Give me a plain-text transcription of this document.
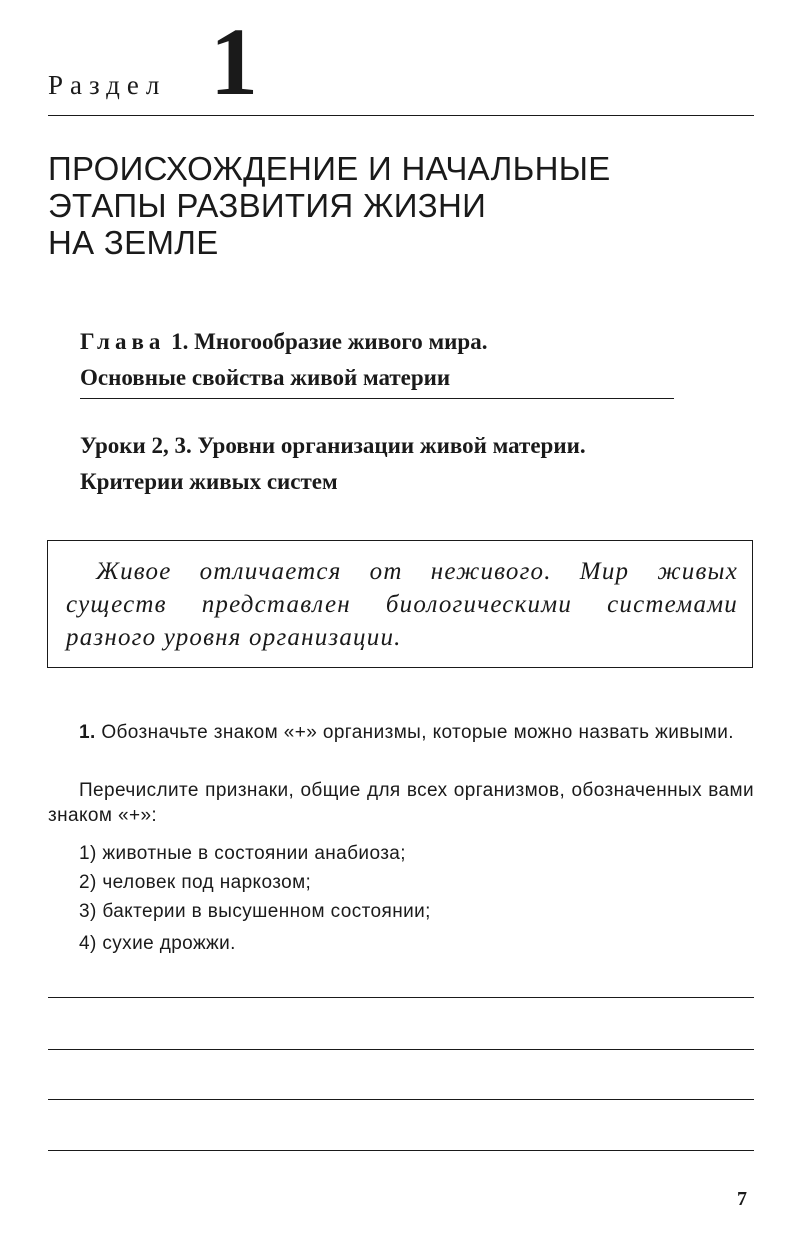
Раздел 1
ПРОИСХОЖДЕНИЕ И НАЧАЛЬНЫЕ
ЭТАПЫ РАЗВИТИЯ ЖИЗНИ
НА ЗЕМЛЕ
Глава 1. Многообразие живого мира.
Основные свойства живой материи
Уроки 2, 3. Уровни организации живой материи.
Критерии живых систем
Живое отличается от неживого. Мир живых существ представлен биологическими системами разного уровня организации.
1. Обозначьте знаком «+» организмы, которые можно назвать живыми.
Перечислите признаки, общие для всех организмов, обозначенных вами знаком «+»:
1) животные в состоянии анабиоза;
2) человек под наркозом;
3) бактерии в высушенном состоянии;
4) сухие дрожжи.
7
